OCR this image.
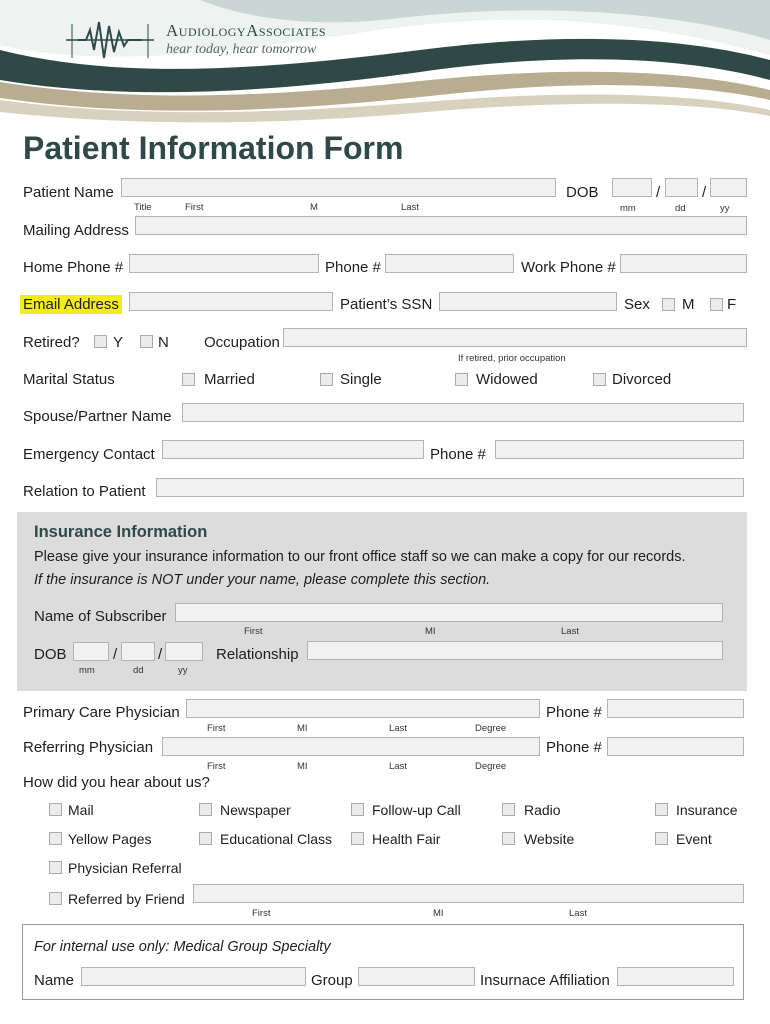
AudiologyAssociates
hear today, hear tomorrow
Patient Information Form
Patient Name
Title	First	M	Last
DOB	/	/
mm	dd	yy
Mailing Address
Home Phone #	Phone #	Work Phone #
Email Address	Patient’s SSN	Sex M F
Retired? Y N Occupation
If retired, prior occupation
Marital Status	Married	Single	Widowed	Divorced
Spouse/Partner Name
Emergency Contact	Phone #
Relation to Patient
Insurance Information
Please give your insurance information to our front office staff so we can make a copy for our records.
If the insurance is NOT under your name, please complete this section.
Name of Subscriber
First	MI	Last
DOB	/	/
mm	dd	yy
Relationship
Primary Care Physician
First	MI	Last	Degree
Phone #
Referring Physician
First	MI	Last	Degree
Phone #
How did you hear about us?
Mail	Newspaper	Follow-up Call	Radio	Insurance
Yellow Pages	Educational Class	Health Fair	Website	Event
Physician Referral
Referred by Friend
First	MI	Last
For internal use only: Medical Group Specialty
Name	Group	Insurnace Affiliation
